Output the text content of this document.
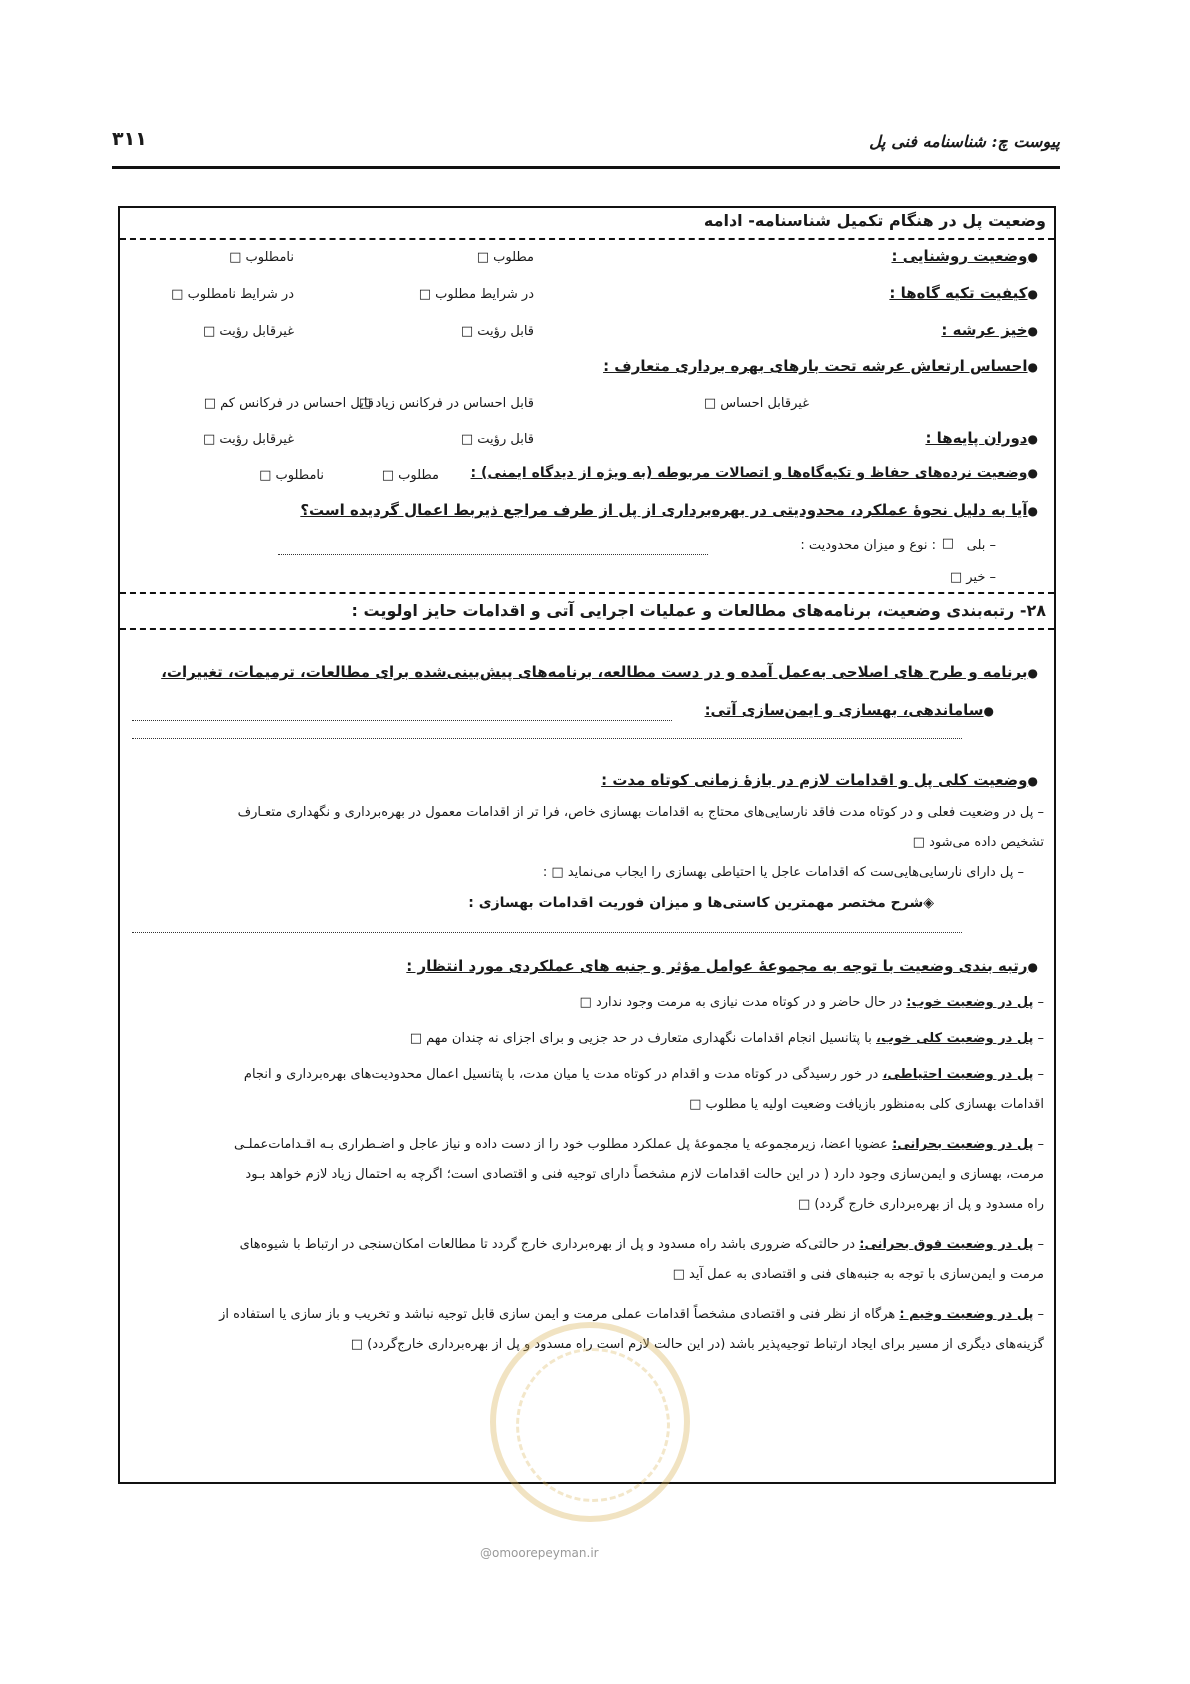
پیوست چ: شناسنامه فنی پل
۳۱۱
وضعیت پل در هنگام تکمیل شناسنامه- ادامه
● وضعیت روشنایی :
مطلوب □
نامطلوب □
● کیفیت تکیه گاه‌ها :
در شرایط مطلوب □
در شرایط نامطلوب □
● خیز عرشه :
قابل رؤیت □
غیرقابل رؤیت □
● احساس ارتعاش عرشه تحت بارهای بهره برداری متعارف :
غیرقابل احساس □
قابل احساس در فرکانس زیاد □
قابل احساس در فرکانس کم □
● دوران پایه‌ها :
قابل رؤیت □
غیرقابل رؤیت □
● وضعیت نرده‌های حفاظ و تکیه‌گاه‌ها و اتصالات مربوطه (به ویژه از دیدگاه ایمنی) :
مطلوب □
نامطلوب □
● آیا به دلیل نحوهٔ عملکرد، محدودیتی در بهره‌برداری از پل از طرف مراجع ذیربط اعمال گردیده است؟
– بلی
□
: نوع و میزان محدودیت :
– خیر □
۲۸- رتبه‌بندی وضعیت، برنامه‌های مطالعات و عملیات اجرایی آتی و اقدامات حایز اولویت :
● برنامه و طرح های اصلاحی به‌عمل آمده و در دست مطالعه، برنامه‌های پیش‌بینی‌شده برای مطالعات، ترمیمات، تغییرات،
● ساماندهی، بهسازی و ایمن‌سازی آتی:
● وضعیت کلی پل و اقدامات لازم در بازهٔ زمانی کوتاه مدت :
– پل در وضعیت فعلی و در کوتاه مدت فاقد نارسایی‌های محتاج به اقدامات بهسازی خاص، فرا تر از اقدامات معمول در بهره‌برداری و نگهداری متعـارف
تشخیص داده می‌شود □
– پل دارای نارسایی‌هایی‌ست که اقدامات عاجل یا احتیاطی بهسازی را ایجاب می‌نماید □ :
◈شرح مختصر مهمترین کاستی‌ها و میزان فوریت اقدامات بهسازی :
● رتبه بندی وضعیت با توجه به مجموعهٔ عوامل مؤثر و جنبه های عملکردی مورد انتظار :
– پل در وضعیت خوب: در حال حاضر و در کوتاه مدت نیازی به مرمت وجود ندارد □
– پل در وضعیت کلی خوب، با پتانسیل انجام اقدامات نگهداری متعارف در حد جزیی و برای اجزای نه چندان مهم □
– پل در وضعیت احتیاطی، در خور رسیدگی در کوتاه مدت و اقدام در کوتاه مدت یا میان مدت، با پتانسیل اعمال محدودیت‌های بهره‌برداری و انجام
اقدامات بهسازی کلی به‌منظور بازیافت وضعیت اولیه یا مطلوب □
– پل در وضعیت بحرانی: عضویا اعضا، زیرمجموعه یا مجموعهٔ پل عملکرد مطلوب خود را از دست داده و نیاز عاجل و اضـطراری بـه اقـدامات‌عملـی
مرمت، بهسازی و ایمن‌سازی وجود دارد ( در این حالت اقدامات لازم مشخصاً دارای توجیه فنی و اقتصادی است؛ اگرچه به احتمال زیاد لازم خواهد بـود
راه مسدود و پل از بهره‌برداری خارج گردد) □
– پل در وضعیت فوق بحرانی: در حالتی‌که ضروری باشد راه مسدود و پل از بهره‌برداری خارج گردد تا مطالعات امکان‌سنجی در ارتباط با شیوه‌های
مرمت و ایمن‌سازی با توجه به جنبه‌های فنی و اقتصادی به عمل آید □
– پل در وضعیت وخیم : هرگاه از نظر فنی و اقتصادی مشخصاً اقدامات عملی مرمت و ایمن سازی قابل توجیه نباشد و تخریب و باز سازی یا استفاده از
گزینه‌های دیگری از مسیر برای ایجاد ارتباط توجیه‌پذیر باشد (در این حالت لازم است راه مسدود و پل از بهره‌برداری خارج‌گردد) □
@omoorepeyman.ir
